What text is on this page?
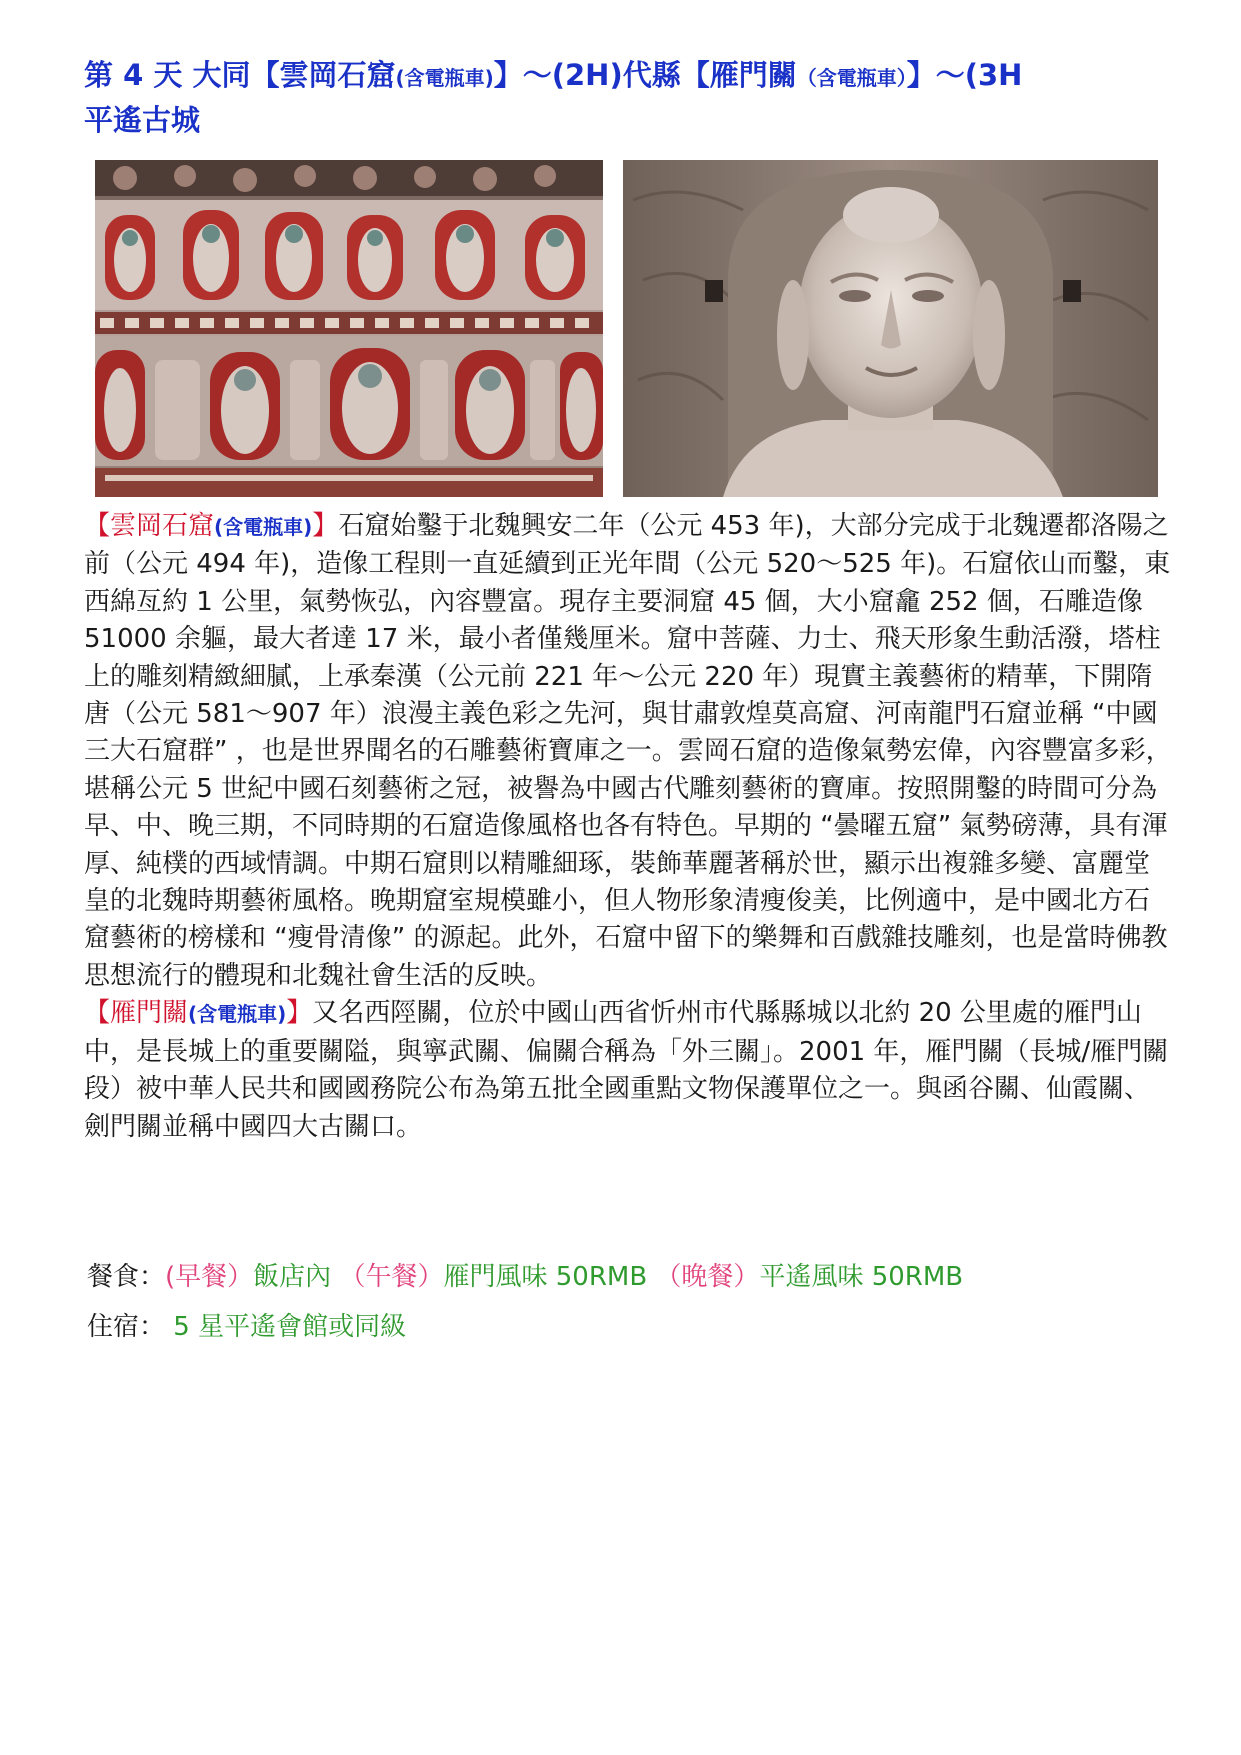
第 4 天 大同【雲岡石窟(含電瓶車)】～(2H)代縣【雁門關（含電瓶車）】～(3H
平遙古城

【雲岡石窟(含電瓶車)】石窟始鑿于北魏興安二年（公元 453 年)，大部分完成于北魏遷都洛陽之前（公元 494 年)，造像工程則一直延續到正光年間（公元 520～525 年)。石窟依山而鑿，東西綿亙約 1 公里，氣勢恢弘，內容豐富。現存主要洞窟 45 個，大小窟龕 252 個，石雕造像 51000 余軀，最大者達 17 米，最小者僅幾厘米。窟中菩薩、力士、飛天形象生動活潑，塔柱上的雕刻精緻細膩，上承秦漢（公元前 221 年～公元 220 年）現實主義藝術的精華，下開隋唐（公元 581～907 年）浪漫主義色彩之先河，與甘肅敦煌莫高窟、河南龍門石窟並稱 “中國三大石窟群” ，也是世界聞名的石雕藝術寶庫之一。雲岡石窟的造像氣勢宏偉，內容豐富多彩，堪稱公元 5 世紀中國石刻藝術之冠，被譽為中國古代雕刻藝術的寶庫。按照開鑿的時間可分為早、中、晚三期，不同時期的石窟造像風格也各有特色。早期的 “曇曜五窟” 氣勢磅薄，具有渾厚、純樸的西域情調。中期石窟則以精雕細琢，裝飾華麗著稱於世，顯示出複雜多變、富麗堂皇的北魏時期藝術風格。晚期窟室規模雖小，但人物形象清瘦俊美，比例適中，是中國北方石窟藝術的榜樣和 “瘦骨清像” 的源起。此外，石窟中留下的樂舞和百戲雜技雕刻，也是當時佛教思想流行的體現和北魏社會生活的反映。

【雁門關(含電瓶車)】又名西陘關，位於中國山西省忻州市代縣縣城以北約 20 公里處的雁門山中，是長城上的重要關隘，與寧武關、偏關合稱為「外三關」。2001 年，雁門關（長城/雁門關段）被中華人民共和國國務院公布為第五批全國重點文物保護單位之一。與函谷關、仙霞關、劍門關並稱中國四大古關口。

餐食：(早餐）飯店內 （午餐）雁門風味 50RMB （晚餐）平遙風味 50RMB
住宿： 5 星平遙會館或同級
